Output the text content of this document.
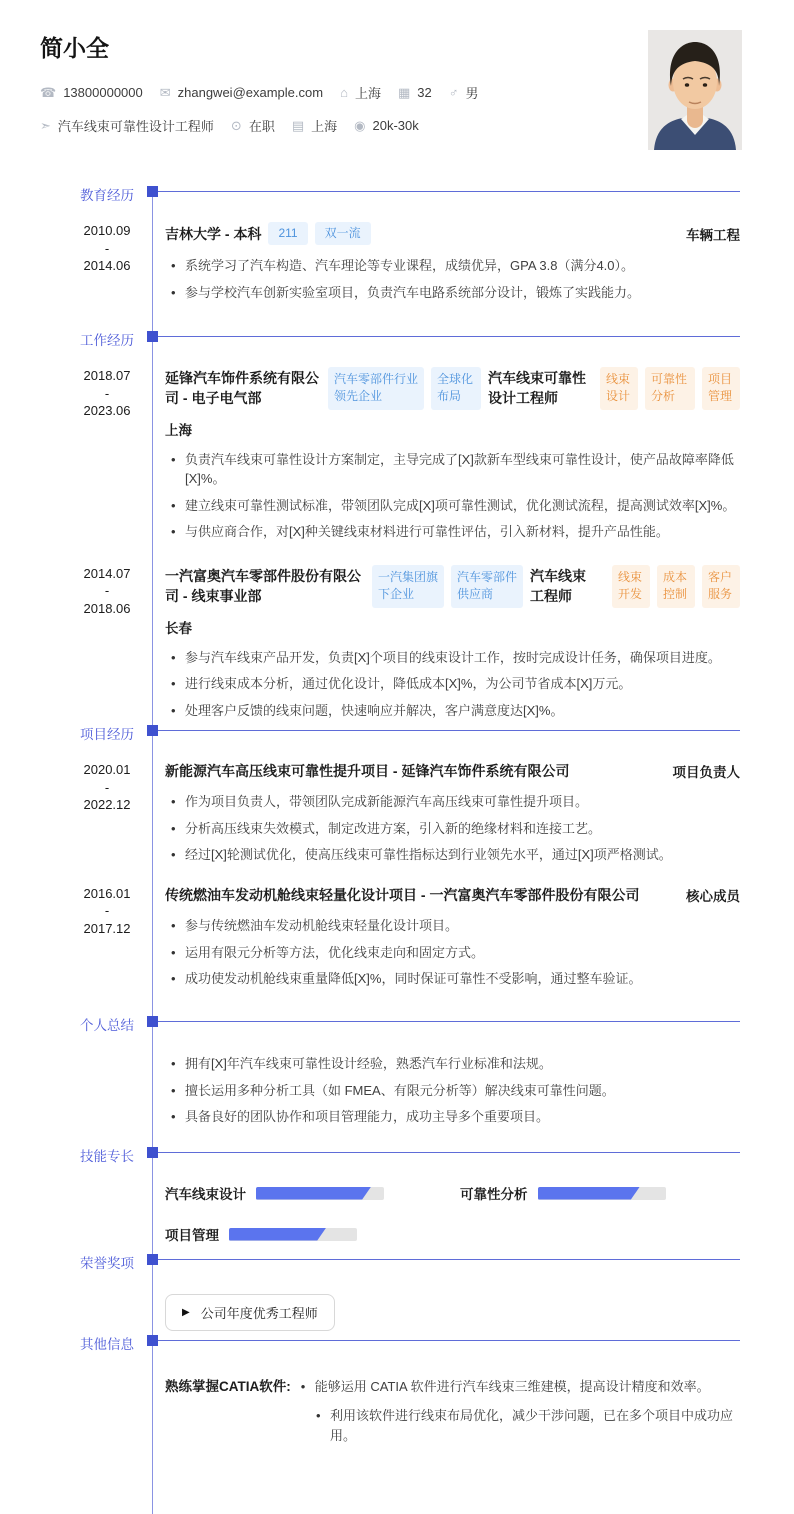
简小全
☎ 13800000000 ✉ zhangwei@example.com ⌂ 上海 ▦ 32 ♂ 男
➣ 汽车线束可靠性设计工程师 ⊙ 在职 ▤ 上海 ◉ 20k-30k
教育经历
2010.09
-
2014.06
吉林大学 - 本科	211	双一流	车辆工程
• 系统学习了汽车构造、汽车理论等专业课程，成绩优异，GPA 3.8（满分4.0）。
• 参与学校汽车创新实验室项目，负责汽车电路系统部分设计，锻炼了实践能力。
工作经历
2018.07
-
2023.06
延锋汽车饰件系统有限公司 - 电子电气部
汽车零部件行业领先企业
全球化布局
汽车线束可靠性设计工程师
线束设计
可靠性分析
项目管理
上海
• 负责汽车线束可靠性设计方案制定，主导完成了[X]款新车型线束可靠性设计，使产品故障率降低[X]%。
• 建立线束可靠性测试标准，带领团队完成[X]项可靠性测试，优化测试流程，提高测试效率[X]%。
• 与供应商合作，对[X]种关键线束材料进行可靠性评估，引入新材料，提升产品性能。
2014.07
-
2018.06
一汽富奥汽车零部件股份有限公司 - 线束事业部
一汽集团旗下企业
汽车零部件供应商
汽车线束工程师
线束开发
成本控制
客户服务
长春
• 参与汽车线束产品开发，负责[X]个项目的线束设计工作，按时完成设计任务，确保项目进度。
• 进行线束成本分析，通过优化设计，降低成本[X]%，为公司节省成本[X]万元。
• 处理客户反馈的线束问题，快速响应并解决，客户满意度达[X]%。
项目经历
2020.01
-
2022.12
新能源汽车高压线束可靠性提升项目 - 延锋汽车饰件系统有限公司	项目负责人
• 作为项目负责人，带领团队完成新能源汽车高压线束可靠性提升项目。
• 分析高压线束失效模式，制定改进方案，引入新的绝缘材料和连接工艺。
• 经过[X]轮测试优化，使高压线束可靠性指标达到行业领先水平，通过[X]项严格测试。
2016.01
-
2017.12
传统燃油车发动机舱线束轻量化设计项目 - 一汽富奥汽车零部件股份有限公司	核心成员
• 参与传统燃油车发动机舱线束轻量化设计项目。
• 运用有限元分析等方法，优化线束走向和固定方式。
• 成功使发动机舱线束重量降低[X]%，同时保证可靠性不受影响，通过整车验证。
个人总结
• 拥有[X]年汽车线束可靠性设计经验，熟悉汽车行业标准和法规。
• 擅长运用多种分析工具（如 FMEA、有限元分析等）解决线束可靠性问题。
• 具备良好的团队协作和项目管理能力，成功主导多个重要项目。
技能专长
汽车线束设计	可靠性分析
项目管理
荣誉奖项
▶ 公司年度优秀工程师
其他信息
熟练掌握CATIA软件: • 能够运用 CATIA 软件进行汽车线束三维建模，提高设计精度和效率。
• 利用该软件进行线束布局优化，减少干涉问题，已在多个项目中成功应用。
